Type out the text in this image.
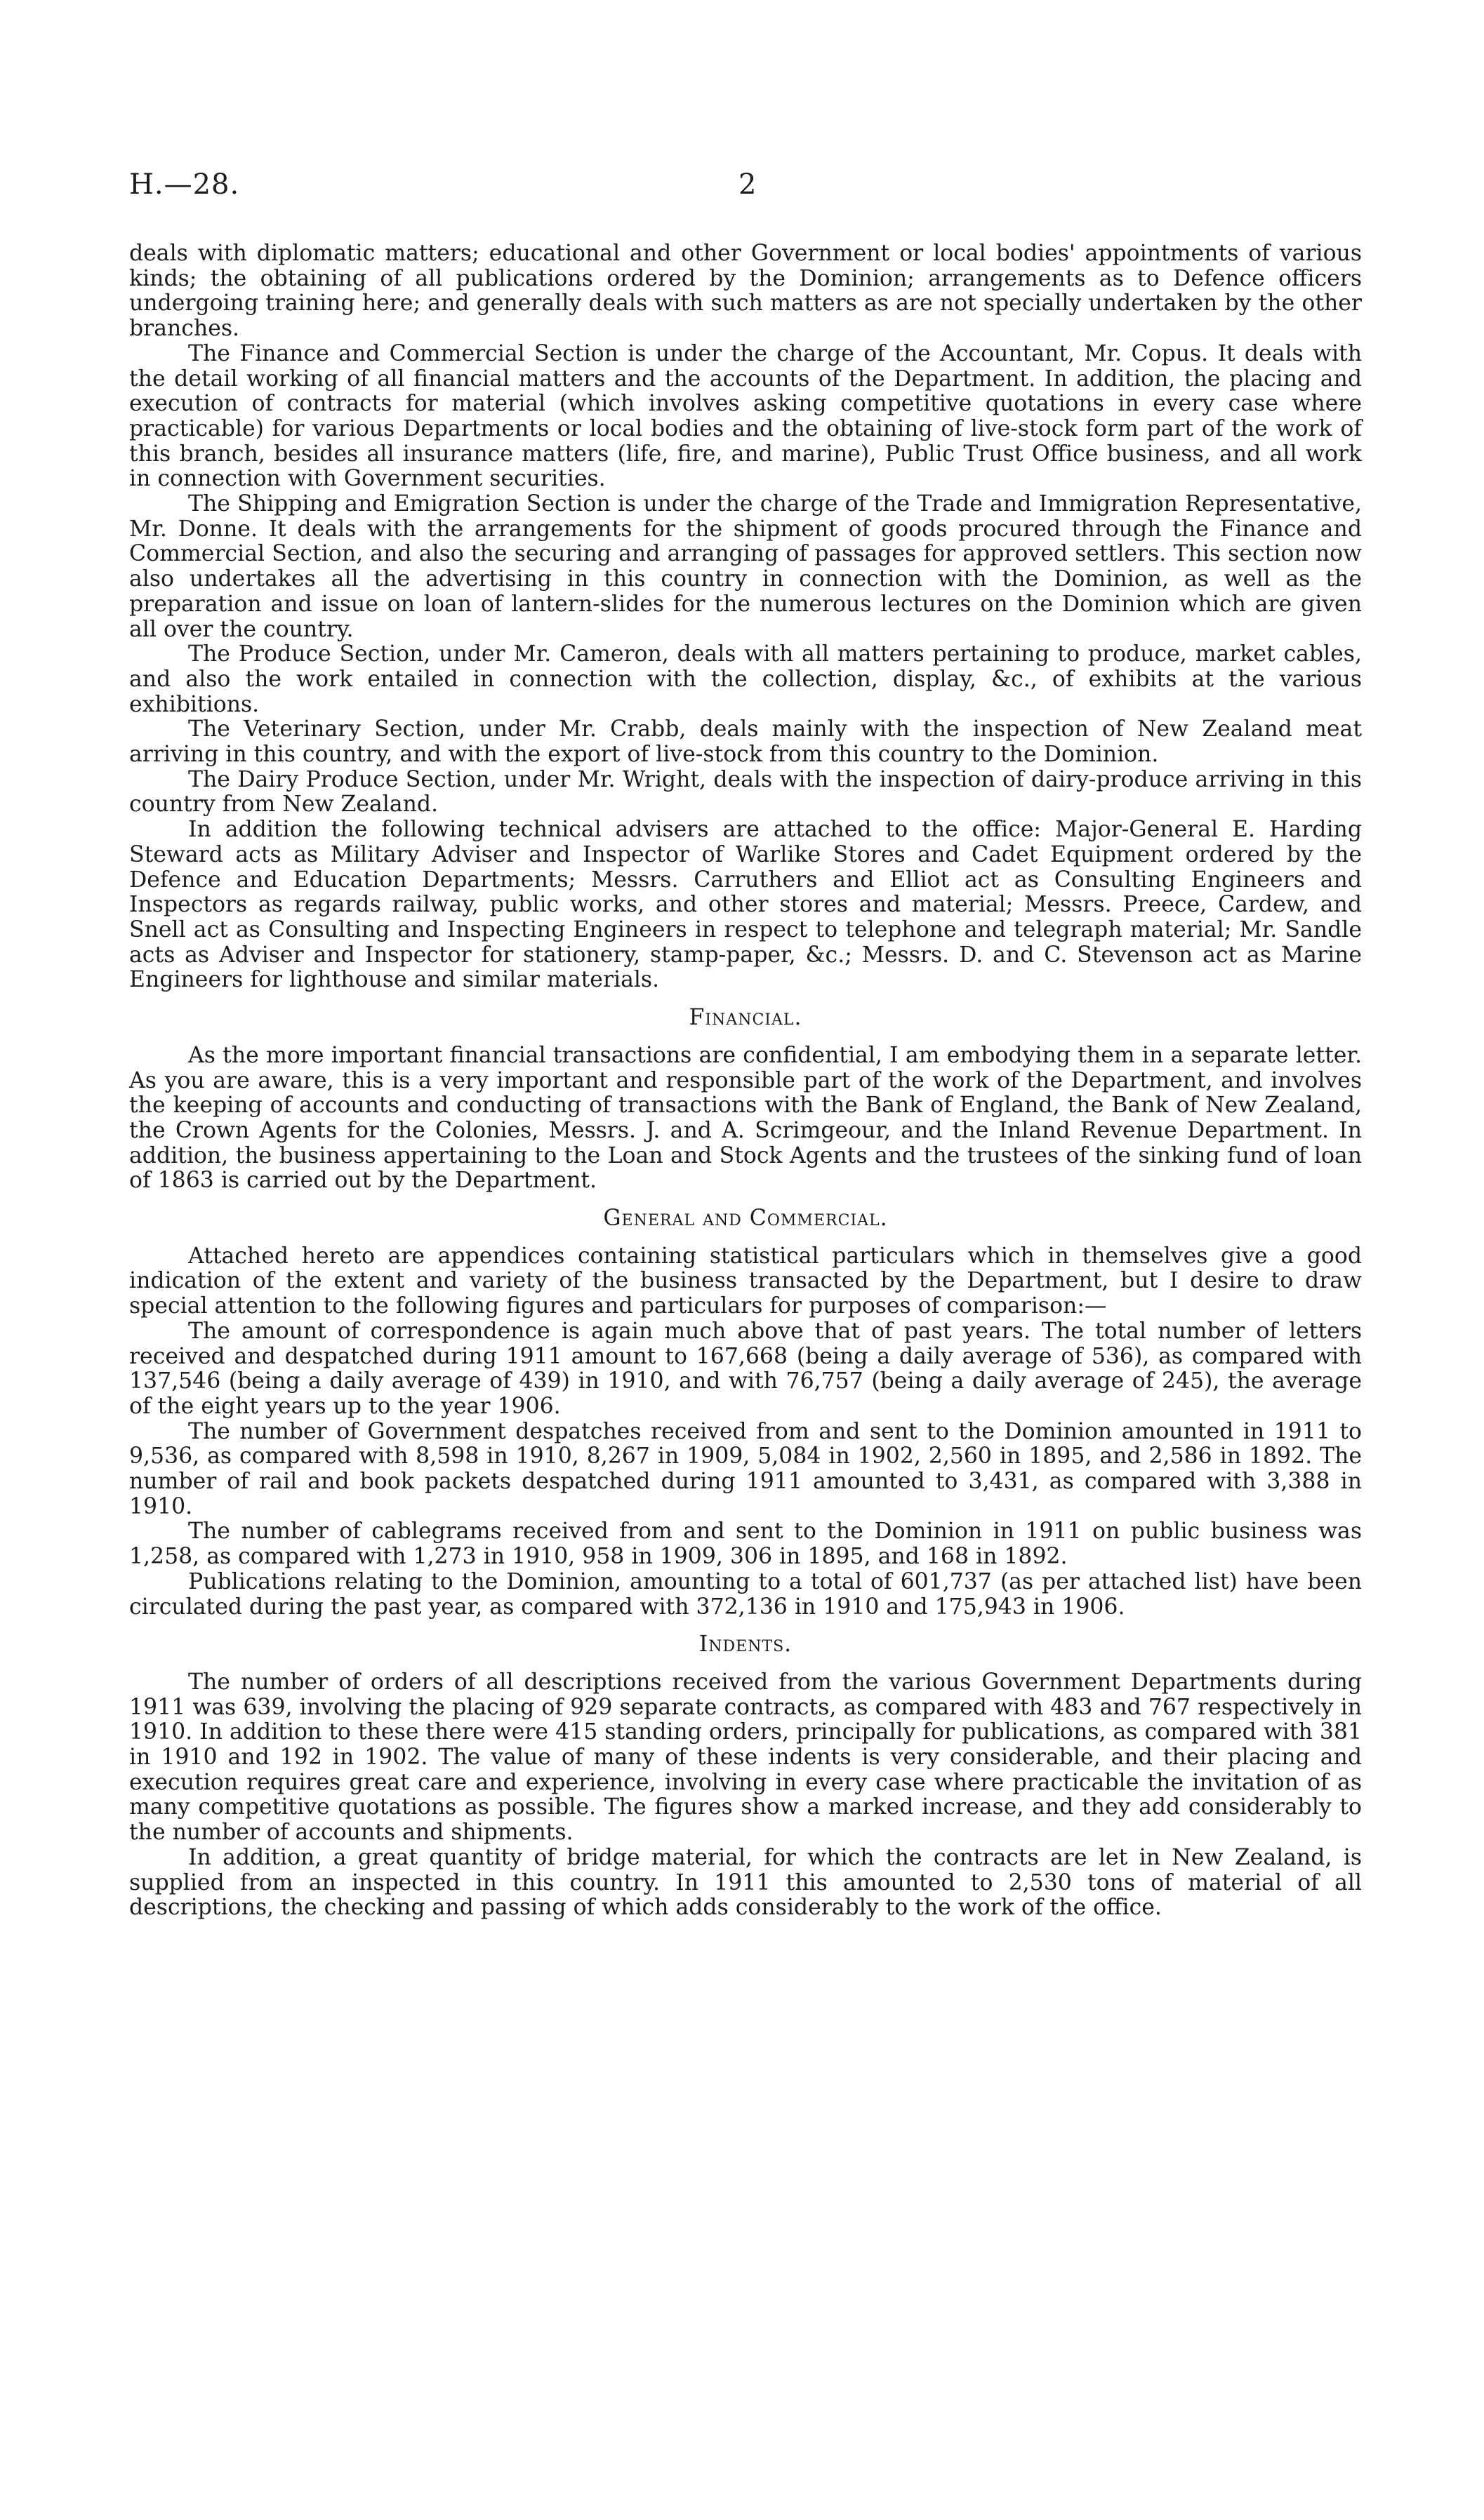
H.—28.	2

deals with diplomatic matters; educational and other Government or local bodies' appointments of various kinds; the obtaining of all publications ordered by the Dominion; arrangements as to Defence officers undergoing training here; and generally deals with such matters as are not specially undertaken by the other branches.

The Finance and Commercial Section is under the charge of the Accountant, Mr. Copus. It deals with the detail working of all financial matters and the accounts of the Department. In addition, the placing and execution of contracts for material (which involves asking competitive quotations in every case where practicable) for various Departments or local bodies and the obtaining of live-stock form part of the work of this branch, besides all insurance matters (life, fire, and marine), Public Trust Office business, and all work in connection with Government securities.

The Shipping and Emigration Section is under the charge of the Trade and Immigration Representative, Mr. Donne. It deals with the arrangements for the shipment of goods procured through the Finance and Commercial Section, and also the securing and arranging of passages for approved settlers. This section now also undertakes all the advertising in this country in connection with the Dominion, as well as the preparation and issue on loan of lantern-slides for the numerous lectures on the Dominion which are given all over the country.

The Produce Section, under Mr. Cameron, deals with all matters pertaining to produce, market cables, and also the work entailed in connection with the collection, display, &c., of exhibits at the various exhibitions.

The Veterinary Section, under Mr. Crabb, deals mainly with the inspection of New Zealand meat arriving in this country, and with the export of live-stock from this country to the Dominion.

The Dairy Produce Section, under Mr. Wright, deals with the inspection of dairy-produce arriving in this country from New Zealand.

In addition the following technical advisers are attached to the office: Major-General E. Harding Steward acts as Military Adviser and Inspector of Warlike Stores and Cadet Equipment ordered by the Defence and Education Departments; Messrs. Carruthers and Elliot act as Consulting Engineers and Inspectors as regards railway, public works, and other stores and material; Messrs. Preece, Cardew, and Snell act as Consulting and Inspecting Engineers in respect to telephone and telegraph material; Mr. Sandle acts as Adviser and Inspector for stationery, stamp-paper, &c.; Messrs. D. and C. Stevenson act as Marine Engineers for lighthouse and similar materials.

Financial.

As the more important financial transactions are confidential, I am embodying them in a separate letter. As you are aware, this is a very important and responsible part of the work of the Department, and involves the keeping of accounts and conducting of transactions with the Bank of England, the Bank of New Zealand, the Crown Agents for the Colonies, Messrs. J. and A. Scrimgeour, and the Inland Revenue Department. In addition, the business appertaining to the Loan and Stock Agents and the trustees of the sinking fund of loan of 1863 is carried out by the Department.

General and Commercial.

Attached hereto are appendices containing statistical particulars which in themselves give a good indication of the extent and variety of the business transacted by the Department, but I desire to draw special attention to the following figures and particulars for purposes of comparison:—

The amount of correspondence is again much above that of past years. The total number of letters received and despatched during 1911 amount to 167,668 (being a daily average of 536), as compared with 137,546 (being a daily average of 439) in 1910, and with 76,757 (being a daily average of 245), the average of the eight years up to the year 1906.

The number of Government despatches received from and sent to the Dominion amounted in 1911 to 9,536, as compared with 8,598 in 1910, 8,267 in 1909, 5,084 in 1902, 2,560 in 1895, and 2,586 in 1892. The number of rail and book packets despatched during 1911 amounted to 3,431, as compared with 3,388 in 1910.

The number of cablegrams received from and sent to the Dominion in 1911 on public business was 1,258, as compared with 1,273 in 1910, 958 in 1909, 306 in 1895, and 168 in 1892.

Publications relating to the Dominion, amounting to a total of 601,737 (as per attached list) have been circulated during the past year, as compared with 372,136 in 1910 and 175,943 in 1906.

Indents.

The number of orders of all descriptions received from the various Government Departments during 1911 was 639, involving the placing of 929 separate contracts, as compared with 483 and 767 respectively in 1910. In addition to these there were 415 standing orders, principally for publications, as compared with 381 in 1910 and 192 in 1902. The value of many of these indents is very considerable, and their placing and execution requires great care and experience, involving in every case where practicable the invitation of as many competitive quotations as possible. The figures show a marked increase, and they add considerably to the number of accounts and shipments.

In addition, a great quantity of bridge material, for which the contracts are let in New Zealand, is supplied from an inspected in this country. In 1911 this amounted to 2,530 tons of material of all descriptions, the checking and passing of which adds considerably to the work of the office.
